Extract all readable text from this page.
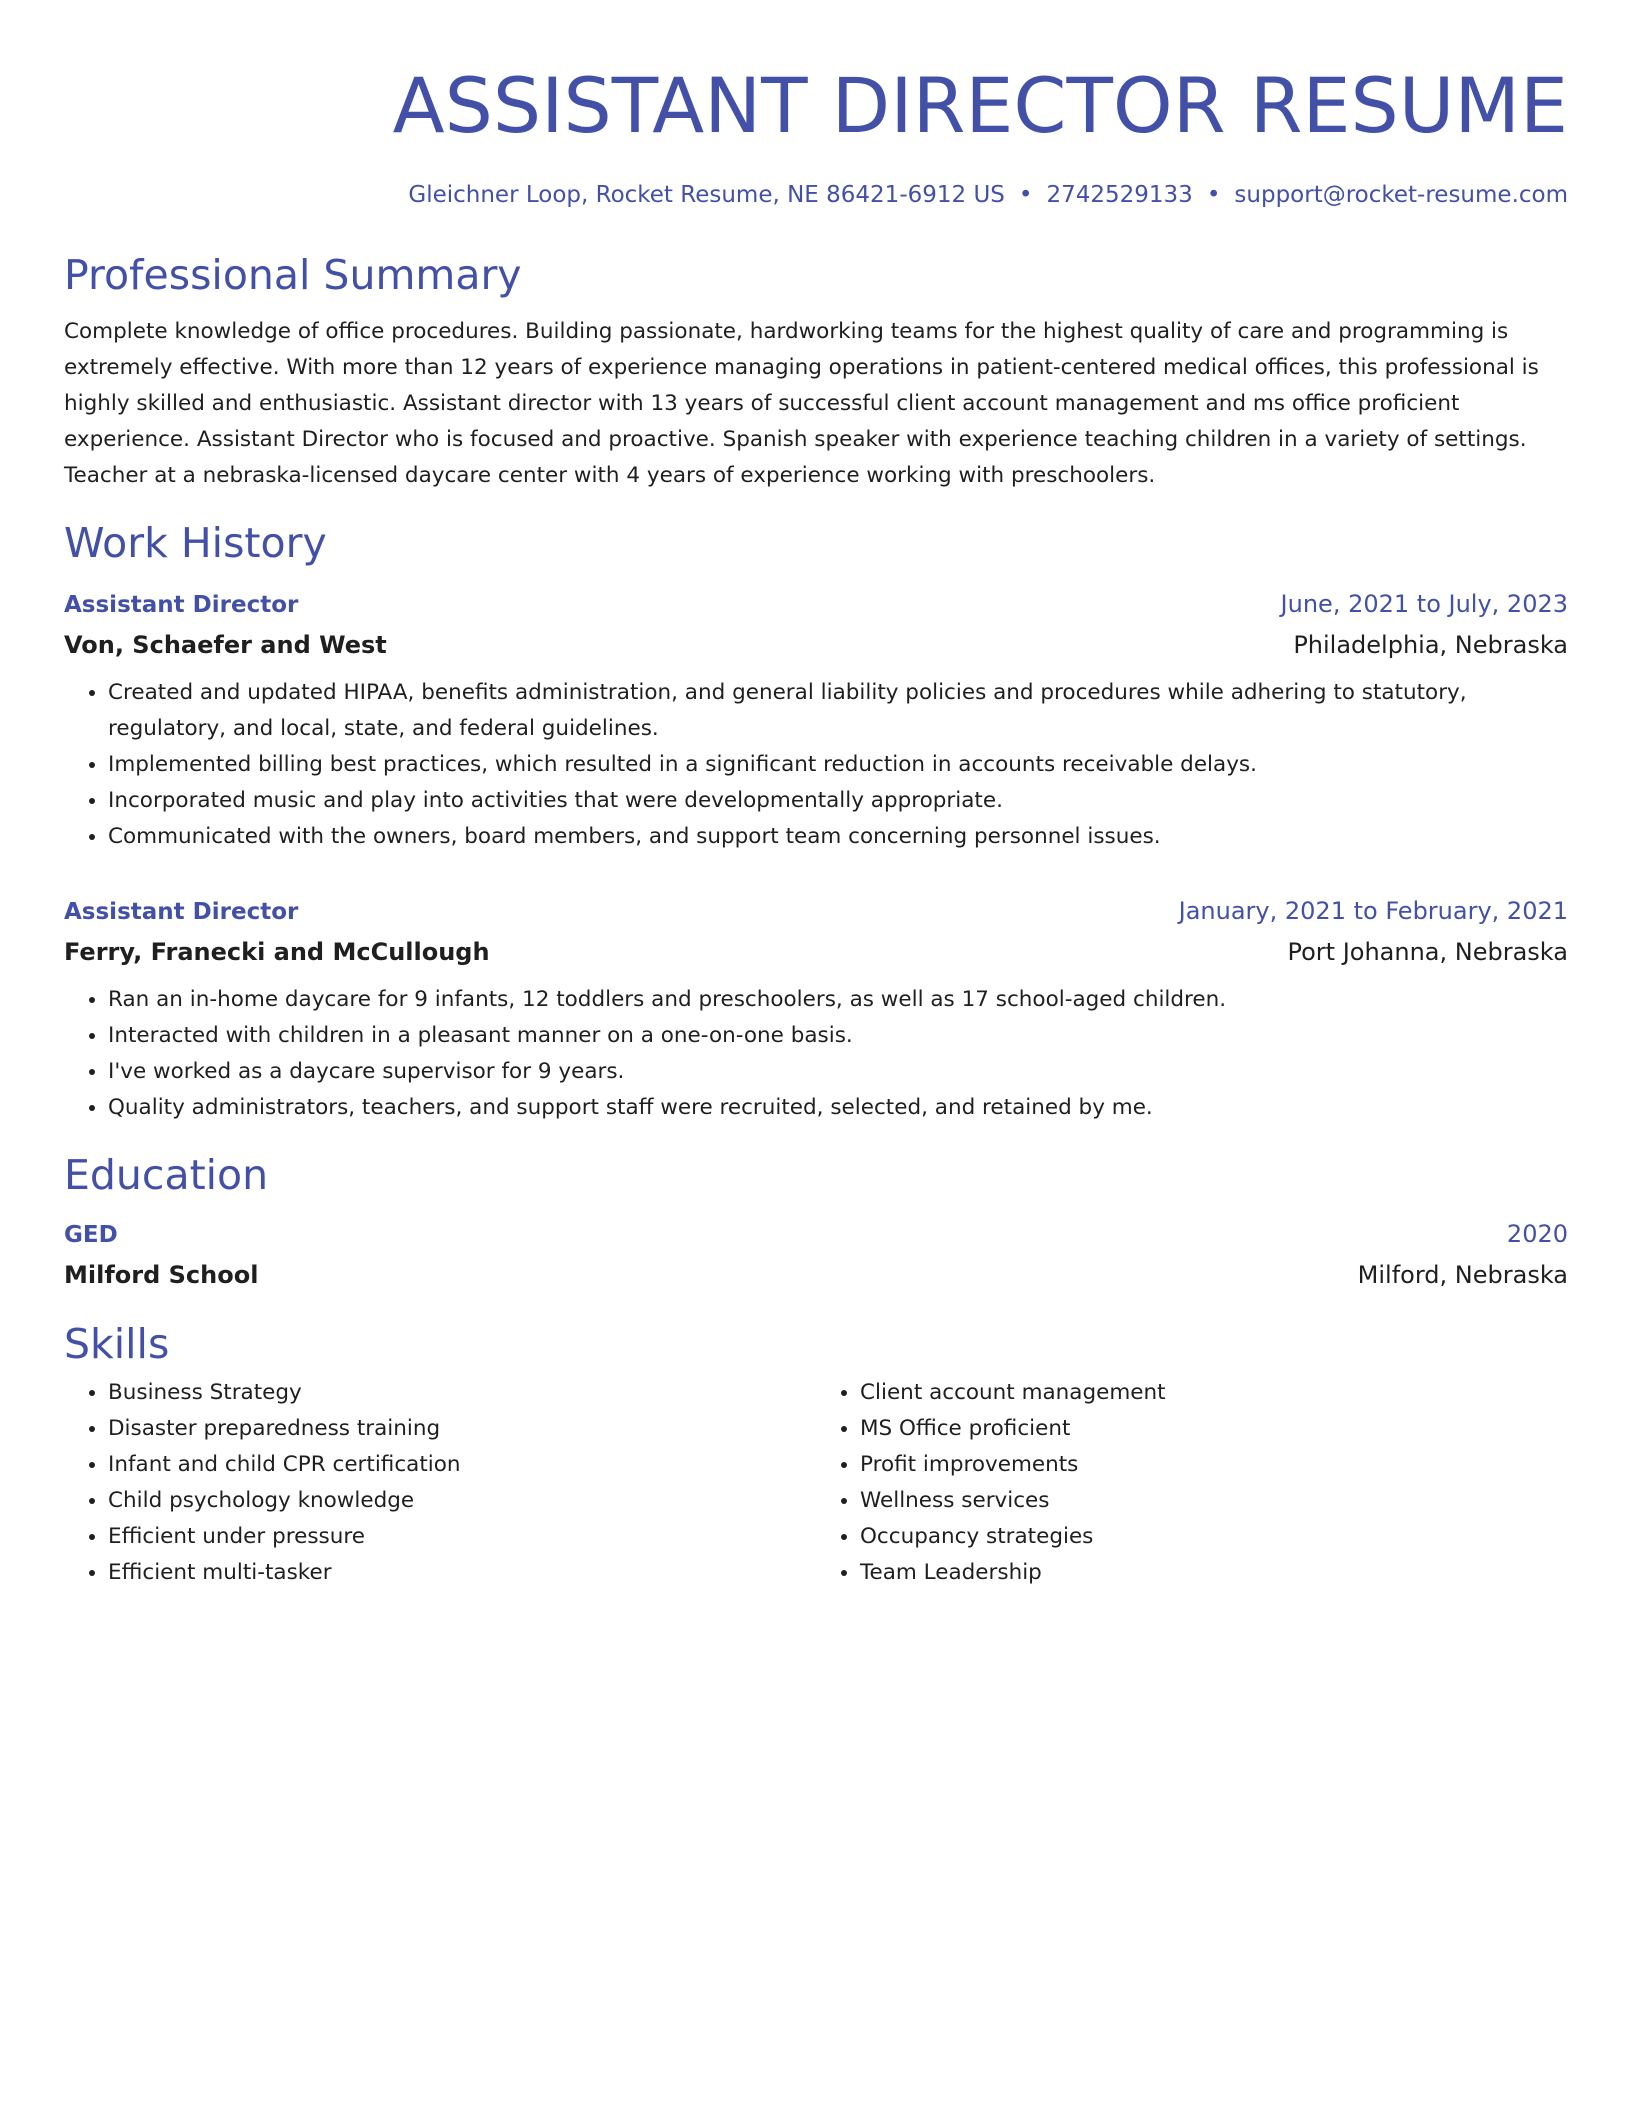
ASSISTANT DIRECTOR RESUME
Gleichner Loop, Rocket Resume, NE 86421-6912 US • 2742529133 • support@rocket-resume.com
Professional Summary

Complete knowledge of office procedures. Building passionate, hardworking teams for the highest quality of care and programming is extremely effective. With more than 12 years of experience managing operations in patient-centered medical offices, this professional is highly skilled and enthusiastic. Assistant director with 13 years of successful client account management and ms office proficient experience. Assistant Director who is focused and proactive. Spanish speaker with experience teaching children in a variety of settings. Teacher at a nebraska-licensed daycare center with 4 years of experience working with preschoolers.

Work History
Assistant Director	June, 2021 to July, 2023
Von, Schaefer and West	Philadelphia, Nebraska
• Created and updated HIPAA, benefits administration, and general liability policies and procedures while adhering to statutory, regulatory, and local, state, and federal guidelines.
• Implemented billing best practices, which resulted in a significant reduction in accounts receivable delays.
• Incorporated music and play into activities that were developmentally appropriate.
• Communicated with the owners, board members, and support team concerning personnel issues.
Assistant Director	January, 2021 to February, 2021
Ferry, Franecki and McCullough	Port Johanna, Nebraska
• Ran an in-home daycare for 9 infants, 12 toddlers and preschoolers, as well as 17 school-aged children.
• Interacted with children in a pleasant manner on a one-on-one basis.
• I've worked as a daycare supervisor for 9 years.
• Quality administrators, teachers, and support staff were recruited, selected, and retained by me.
Education
GED	2020
Milford School	Milford, Nebraska
Skills
• Business Strategy
• Disaster preparedness training
• Infant and child CPR certification
• Child psychology knowledge
• Efficient under pressure
• Efficient multi-tasker
• Client account management
• MS Office proficient
• Profit improvements
• Wellness services
• Occupancy strategies
• Team Leadership
